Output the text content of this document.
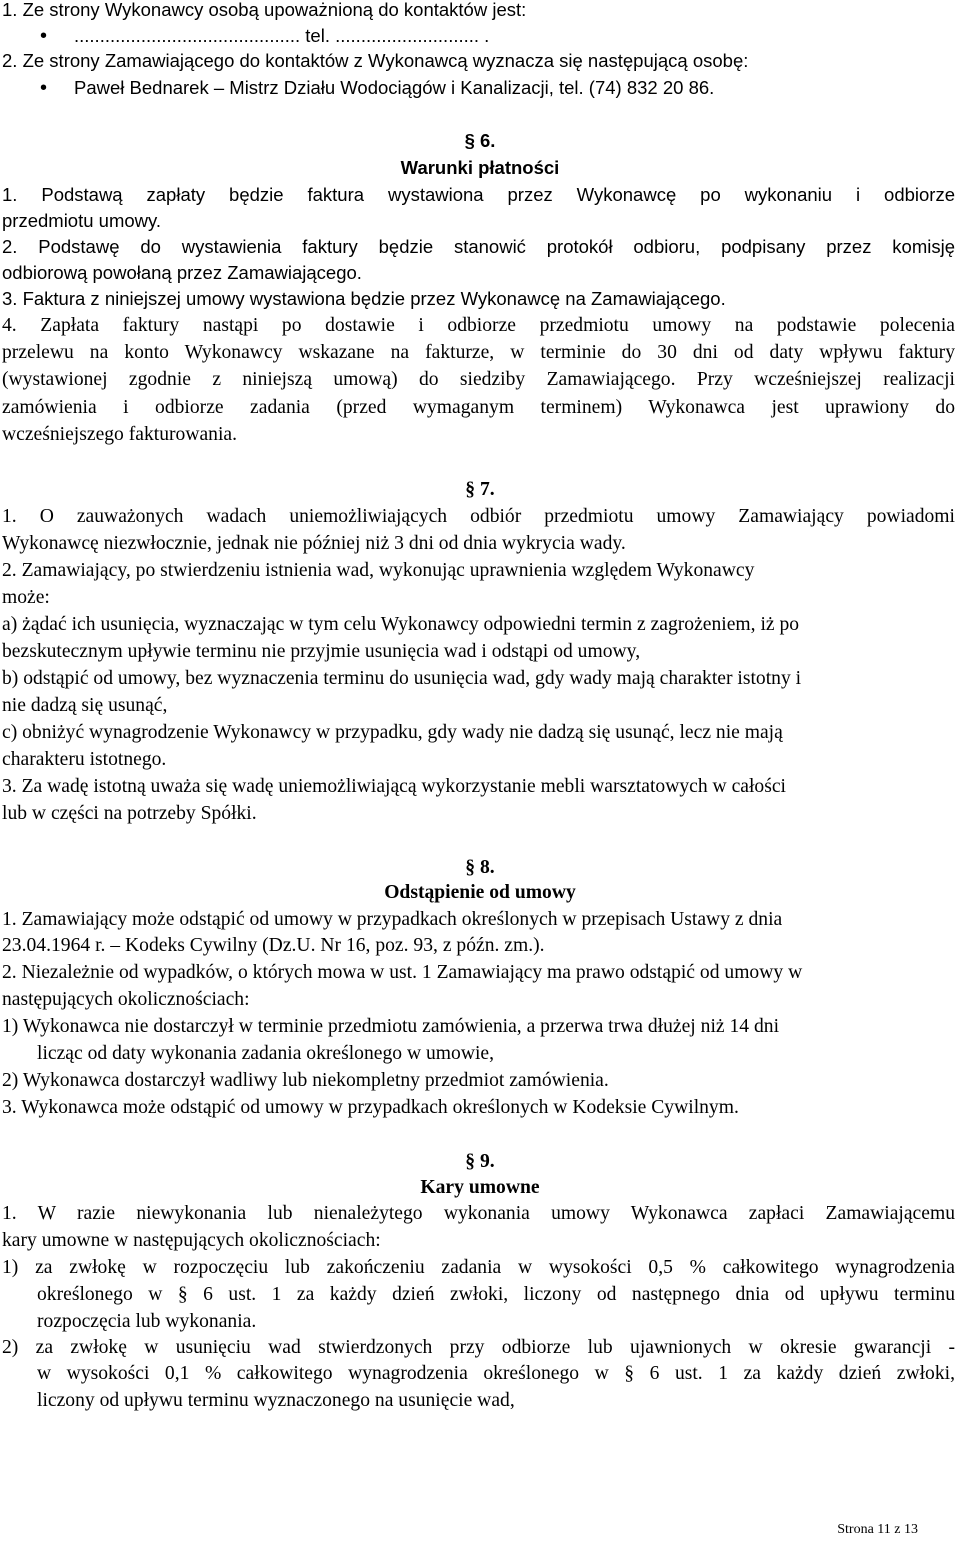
1. Ze strony Wykonawcy osobą upoważnioną do kontaktów jest:

• ............................................ tel. ............................ .

2. Ze strony Zamawiającego do kontaktów z Wykonawcą wyznacza się następującą osobę:

• Paweł Bednarek – Mistrz Działu Wodociągów i Kanalizacji, tel. (74) 832 20 86.

§ 6.

Warunki płatności

1. Podstawą zapłaty będzie faktura wystawiona przez Wykonawcę po wykonaniu i odbiorze

przedmiotu umowy.

2. Podstawę do wystawienia faktury będzie stanowić protokół odbioru, podpisany przez komisję

odbiorową powołaną przez Zamawiającego.

3. Faktura z niniejszej umowy wystawiona będzie przez Wykonawcę na Zamawiającego.

4. Zapłata faktury nastąpi po dostawie i odbiorze przedmiotu umowy na podstawie polecenia

przelewu na konto Wykonawcy wskazane na fakturze, w terminie do 30 dni od daty wpływu faktury

(wystawionej zgodnie z niniejszą umową) do siedziby Zamawiającego. Przy wcześniejszej realizacji

zamówienia i odbiorze zadania (przed wymaganym terminem) Wykonawca jest uprawiony do

wcześniejszego fakturowania.

§ 7.

1. O zauważonych wadach uniemożliwiających odbiór przedmiotu umowy Zamawiający powiadomi

Wykonawcę niezwłocznie, jednak nie później niż 3 dni od dnia wykrycia wady.

2. Zamawiający, po stwierdzeniu istnienia wad, wykonując uprawnienia względem Wykonawcy

może:

a) żądać ich usunięcia, wyznaczając w tym celu Wykonawcy odpowiedni termin z zagrożeniem, iż po

bezskutecznym upływie terminu nie przyjmie usunięcia wad i odstąpi od umowy,

b) odstąpić od umowy, bez wyznaczenia terminu do usunięcia wad, gdy wady mają charakter istotny i

nie dadzą się usunąć,

c) obniżyć wynagrodzenie Wykonawcy w przypadku, gdy wady nie dadzą się usunąć, lecz nie mają

charakteru istotnego.

3. Za wadę istotną uważa się wadę uniemożliwiającą wykorzystanie mebli warsztatowych w całości

lub w części na potrzeby Spółki.

§ 8.

Odstąpienie od umowy

1. Zamawiający może odstąpić od umowy w przypadkach określonych w przepisach Ustawy z dnia

23.04.1964 r. – Kodeks Cywilny (Dz.U. Nr 16, poz. 93, z późn. zm.).

2. Niezależnie od wypadków, o których mowa w ust. 1 Zamawiający ma prawo odstąpić od umowy w

następujących okolicznościach:

1) Wykonawca nie dostarczył w terminie przedmiotu zamówienia, a przerwa trwa dłużej niż 14 dni

licząc od daty wykonania zadania określonego w umowie,

2) Wykonawca dostarczył wadliwy lub niekompletny przedmiot zamówienia.

3. Wykonawca może odstąpić od umowy w przypadkach określonych w Kodeksie Cywilnym.

§ 9.

Kary umowne

1. W razie niewykonania lub nienależytego wykonania umowy Wykonawca zapłaci Zamawiającemu

kary umowne w następujących okolicznościach:

1) za zwłokę w rozpoczęciu lub zakończeniu zadania w wysokości 0,5 % całkowitego wynagrodzenia

określonego w § 6 ust. 1 za każdy dzień zwłoki, liczony od następnego dnia od upływu terminu

rozpoczęcia lub wykonania.

2) za zwłokę w usunięciu wad stwierdzonych przy odbiorze lub ujawnionych w okresie gwarancji -

w wysokości 0,1 % całkowitego wynagrodzenia określonego w § 6 ust. 1 za każdy dzień zwłoki,

liczony od upływu terminu wyznaczonego na usunięcie wad,

Strona 11 z 13
